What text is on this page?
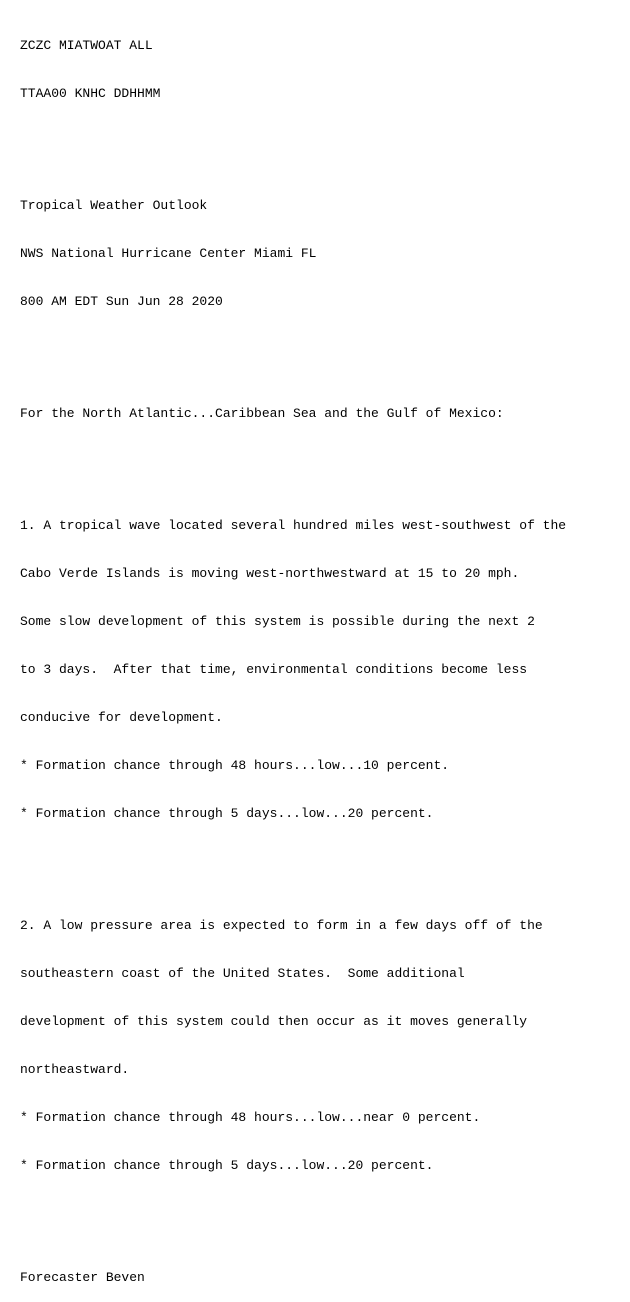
ZCZC MIATWOAT ALL

TTAA00 KNHC DDHHMM

Tropical Weather Outlook

NWS National Hurricane Center Miami FL

800 AM EDT Sun Jun 28 2020

For the North Atlantic...Caribbean Sea and the Gulf of Mexico:

1. A tropical wave located several hundred miles west-southwest of the

Cabo Verde Islands is moving west-northwestward at 15 to 20 mph.

Some slow development of this system is possible during the next 2

to 3 days.  After that time, environmental conditions become less

conducive for development.

* Formation chance through 48 hours...low...10 percent.

* Formation chance through 5 days...low...20 percent.

2. A low pressure area is expected to form in a few days off of the

southeastern coast of the United States.  Some additional

development of this system could then occur as it moves generally

northeastward.

* Formation chance through 48 hours...low...near 0 percent.

* Formation chance through 5 days...low...20 percent.

Forecaster Beven
